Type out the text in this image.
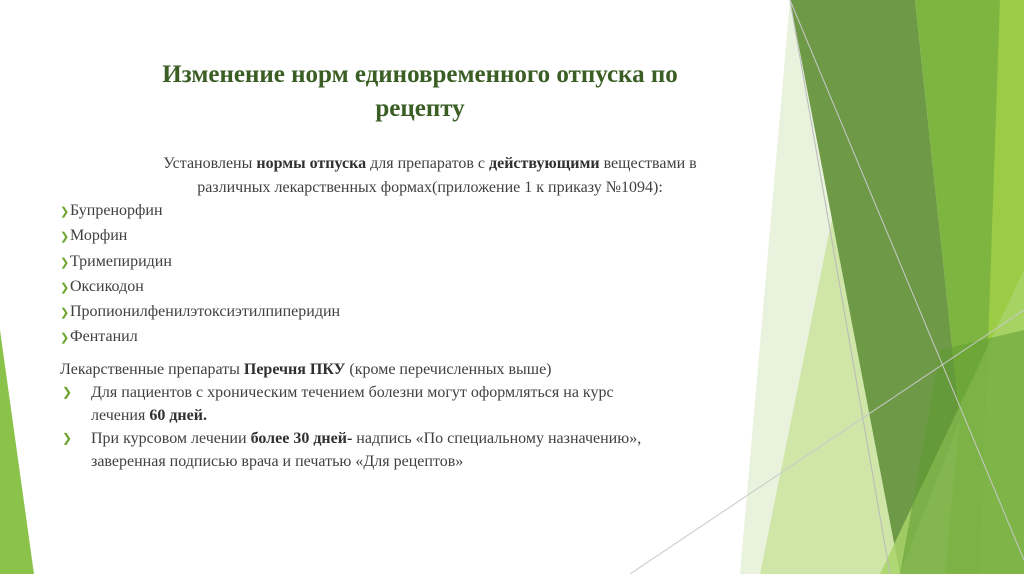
Изменение норм единовременного отпуска по
рецепту
Установлены нормы отпуска для препаратов с действующими веществами в
различных лекарственных формах(приложение 1 к приказу №1094):
❯Бупренорфин
❯Морфин
❯Тримепиридин
❯Оксикодон
❯Пропионилфенилэтоксиэтилпиперидин
❯Фентанил
Лекарственные препараты Перечня ПКУ (кроме перечисленных выше)
❯ Для пациентов с хроническим течением болезни могут оформляться на курс
лечения 60 дней.
❯ При курсовом лечении более 30 дней- надпись «По специальному назначению»,
заверенная подписью врача и печатью «Для рецептов»
